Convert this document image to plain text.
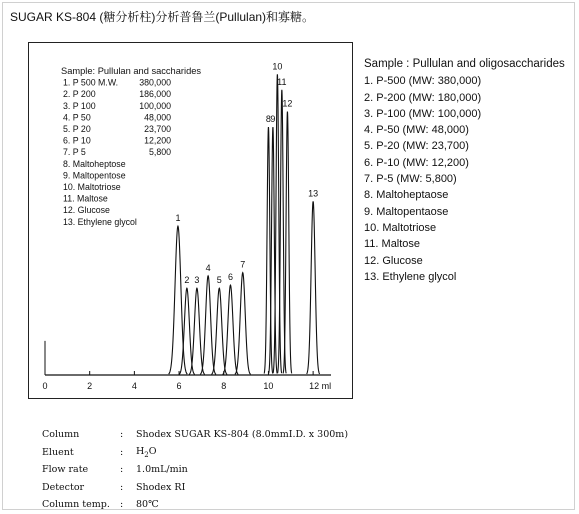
SUGAR KS-804 (糖分析柱)分析普鲁兰(Pullulan)和寡糖。
0	2	4	6	8	10	12 ml
1
2 3
4
5 6
7
8 9
10
11
12
13
Sample: Pullulan and saccharides
1. P 500 M.W. 380,000
2. P 200	186,000
3. P 100	100,000
4. P 50	48,000
5. P 20	23,700
6. P 10	12,200
7. P 5	5,800
8. Maltoheptose
9. Maltopentose
10. Maltotriose
11. Maltose
12. Glucose
13. Ethylene glycol
Sample : Pullulan and oligosaccharides
1. P-500 (MW: 380,000)
2. P-200 (MW: 180,000)
3. P-100 (MW: 100,000)
4. P-50 (MW: 48,000)
5. P-20 (MW: 23,700)
6. P-10 (MW: 12,200)
7. P-5 (MW: 5,800)
8. Maltoheptaose
9. Maltopentaose
10. Maltotriose
11. Maltose
12. Glucose
13. Ethylene glycol
Column	:	Shodex SUGAR KS-804 (8.0mmI.D. x 300m)
Eluent	:	$H_2O$
Flow rate	:	1.0mL/min
Detector	:	Shodex RI
Column temp.	:	80℃
